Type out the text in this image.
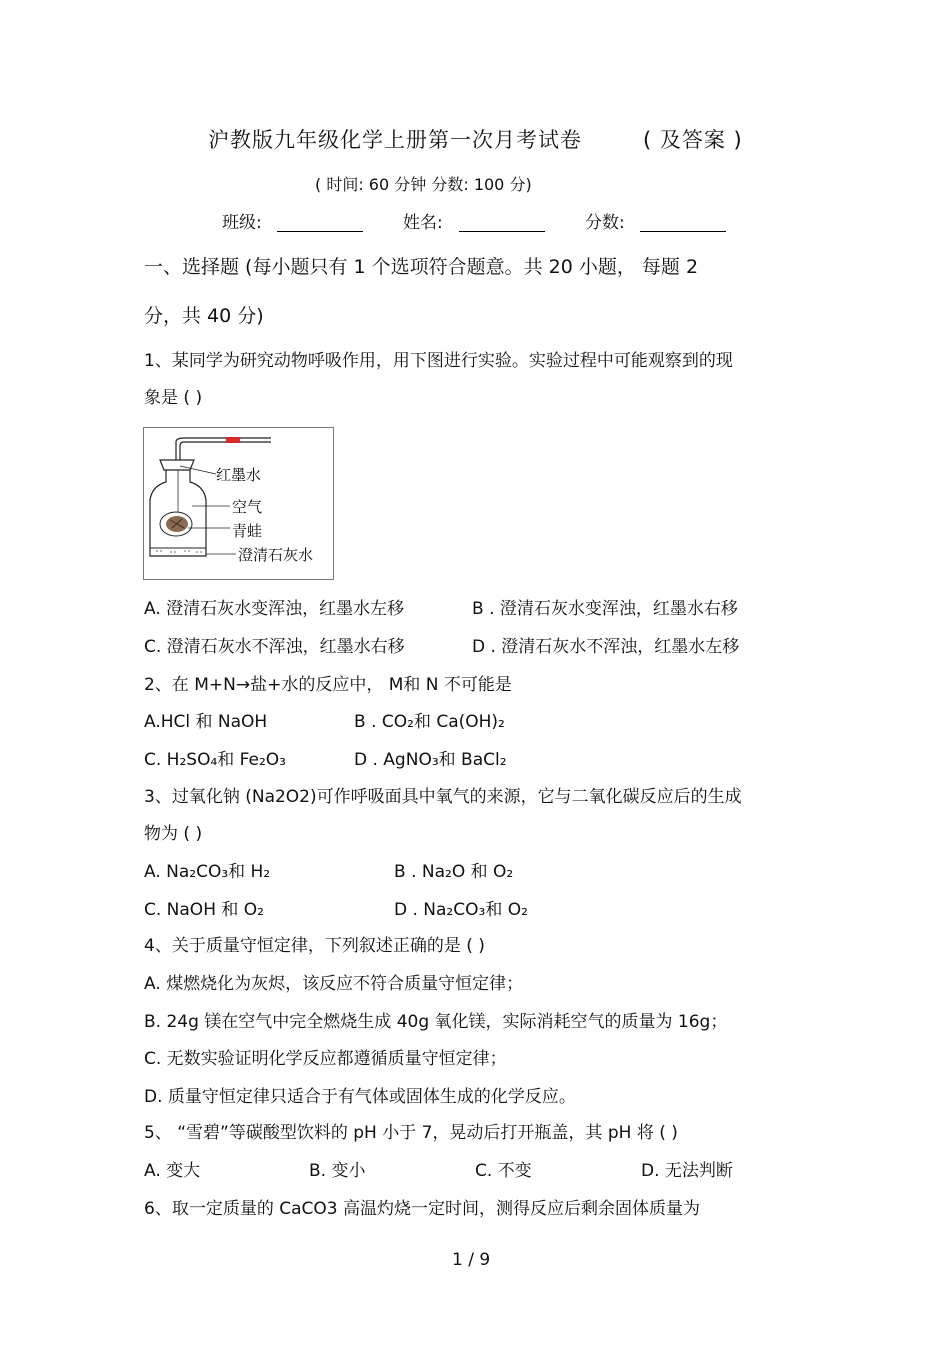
沪教版九年级化学上册第一次月考试卷	( 及答案 )
( 时间: 60 分钟 分数: 100 分)
班级:	姓名:	分数:
一、选择题 (每小题只有 1 个选项符合题意。共 20 小题， 每题 2
分，共 40 分)
1、某同学为研究动物呼吸作用，用下图进行实验。实验过程中可能观察到的现
象是 ( )
红墨水
空气
青蛙
澄清石灰水
A. 澄清石灰水变浑浊，红墨水左移	B . 澄清石灰水变浑浊，红墨水右移
C. 澄清石灰水不浑浊，红墨水右移	D . 澄清石灰水不浑浊，红墨水左移
2、在 M+N→盐+水的反应中， M和 N 不可能是
A.HCl 和 NaOH	B . CO₂和 Ca(OH)₂
C. H₂SO₄和 Fe₂O₃	D . AgNO₃和 BaCl₂
3、过氧化钠 (Na2O2)可作呼吸面具中氧气的来源，它与二氧化碳反应后的生成
物为 ( )
A. Na₂CO₃和 H₂	B . Na₂O 和 O₂
C. NaOH 和 O₂	D . Na₂CO₃和 O₂
4、关于质量守恒定律，下列叙述正确的是 ( )
A. 煤燃烧化为灰烬，该反应不符合质量守恒定律；
B. 24g 镁在空气中完全燃烧生成 40g 氧化镁，实际消耗空气的质量为 16g；
C. 无数实验证明化学反应都遵循质量守恒定律；
D. 质量守恒定律只适合于有气体或固体生成的化学反应。
5、 “雪碧”等碳酸型饮料的 pH 小于 7，晃动后打开瓶盖，其 pH 将 ( )
A. 变大	B. 变小	C. 不变	D. 无法判断
6、取一定质量的 CaCO3 高温灼烧一定时间，测得反应后剩余固体质量为
1 / 9
